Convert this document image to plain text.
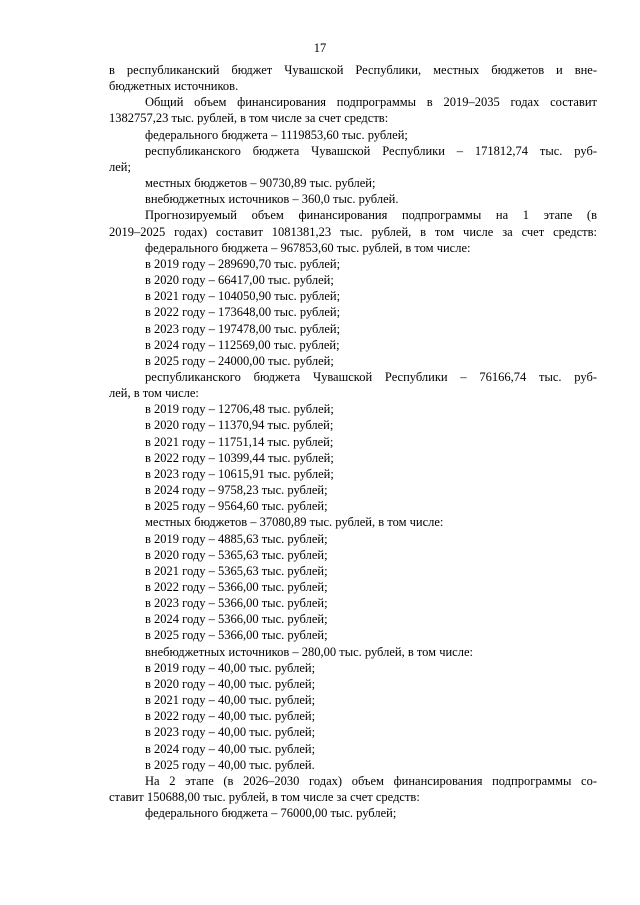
17

в республиканский бюджет Чувашской Республики, местных бюджетов и вне-

бюджетных источников.

Общий объем финансирования подпрограммы в 2019–2035 годах составит

1382757,23 тыс. рублей, в том числе за счет средств:

федерального бюджета – 1119853,60 тыс. рублей;

республиканского бюджета Чувашской Республики – 171812,74 тыс. руб-

лей;

местных бюджетов – 90730,89 тыс. рублей;

внебюджетных источников – 360,0 тыс. рублей.

Прогнозируемый объем финансирования подпрограммы на 1 этапе (в

2019–2025 годах) составит 1081381,23 тыс. рублей, в том числе за счет средств:

федерального бюджета – 967853,60 тыс. рублей, в том числе:

в 2019 году – 289690,70 тыс. рублей;

в 2020 году – 66417,00 тыс. рублей;

в 2021 году – 104050,90 тыс. рублей;

в 2022 году – 173648,00 тыс. рублей;

в 2023 году – 197478,00 тыс. рублей;

в 2024 году – 112569,00 тыс. рублей;

в 2025 году – 24000,00 тыс. рублей;

республиканского бюджета Чувашской Республики – 76166,74 тыс. руб-

лей, в том числе:

в 2019 году – 12706,48 тыс. рублей;

в 2020 году – 11370,94 тыс. рублей;

в 2021 году – 11751,14 тыс. рублей;

в 2022 году – 10399,44 тыс. рублей;

в 2023 году – 10615,91 тыс. рублей;

в 2024 году – 9758,23 тыс. рублей;

в 2025 году – 9564,60 тыс. рублей;

местных бюджетов – 37080,89 тыс. рублей, в том числе:

в 2019 году – 4885,63 тыс. рублей;

в 2020 году – 5365,63 тыс. рублей;

в 2021 году – 5365,63 тыс. рублей;

в 2022 году – 5366,00 тыс. рублей;

в 2023 году – 5366,00 тыс. рублей;

в 2024 году – 5366,00 тыс. рублей;

в 2025 году – 5366,00 тыс. рублей;

внебюджетных источников – 280,00 тыс. рублей, в том числе:

в 2019 году – 40,00 тыс. рублей;

в 2020 году – 40,00 тыс. рублей;

в 2021 году – 40,00 тыс. рублей;

в 2022 году – 40,00 тыс. рублей;

в 2023 году – 40,00 тыс. рублей;

в 2024 году – 40,00 тыс. рублей;

в 2025 году – 40,00 тыс. рублей.

На 2 этапе (в 2026–2030 годах) объем финансирования подпрограммы со-

ставит 150688,00 тыс. рублей, в том числе за счет средств:

федерального бюджета – 76000,00 тыс. рублей;
